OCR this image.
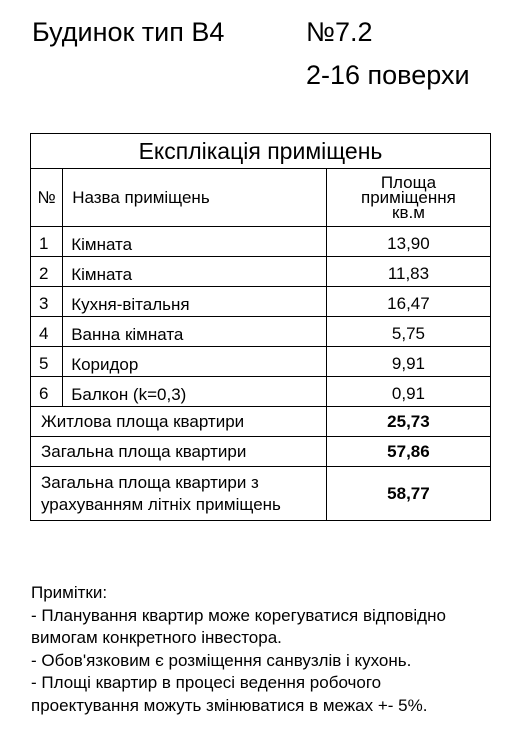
Будинок тип В4	№7.2
2-16 поверхи
Експлікація приміщень		
№	Назва приміщень	Площа
приміщення
кв.м

1	Кімната	13,90
2	Кімната	11,83
3	Кухня-вітальня	16,47
4	Ванна кімната	5,75
5	Коридор	9,91
6	Балкон (k=0,3)	0,91
Житлова площа квартири		25,73
Загальна площа квартири		57,86

Загальна площа квартири з
урахуванням літніх приміщень		58,77
Примітки:
- Планування квартир може корегуватися відповідно
вимогам конкретного інвестора.
- Обов'язковим є розміщення санвузлів і кухонь.
- Площі квартир в процесі ведення робочого
проектування можуть змінюватися в межах +- 5%.
